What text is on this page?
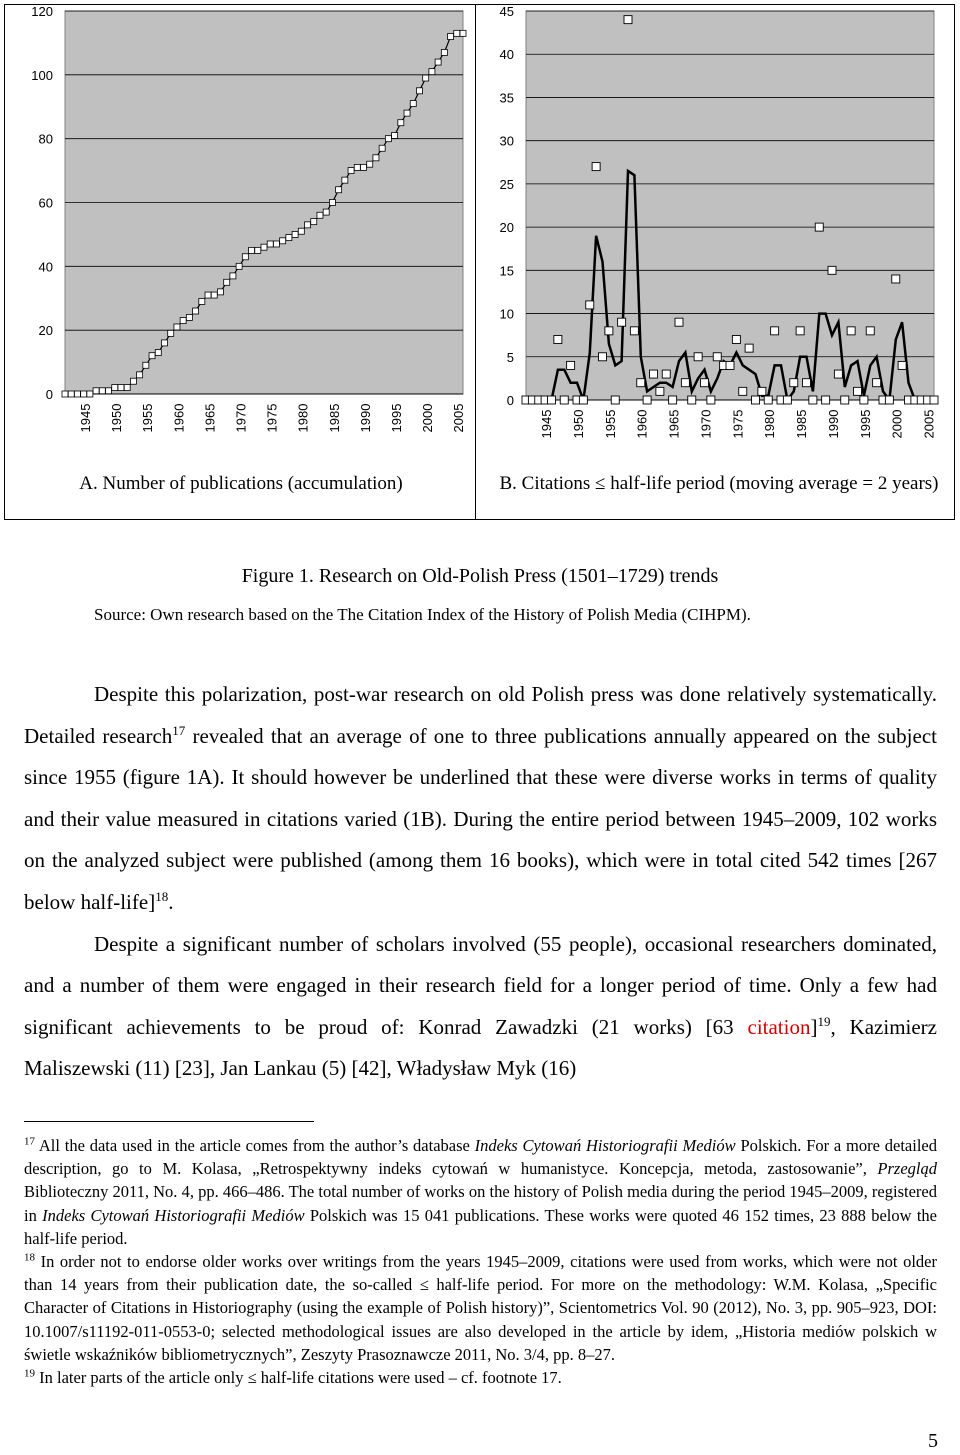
0
20
40
60
80
100
120
1945 1950 1955 1960 1965 1970 1975 1980 1985 1990 1995 2000 2005
A. Number of publications (accumulation)
0
5
10
15
20
25
30
35
40
45
1945 1950 1955 1960 1965 1970 1975 1980 1985 1990 1995 2000 2005
B. Citations ≤ half-life period (moving average = 2 years)
Figure 1. Research on Old-Polish Press (1501–1729) trends
Source: Own research based on the The Citation Index of the History of Polish Media (CIHPM).

Despite this polarization, post-war research on old Polish press was done relatively systematically. Detailed research$^{17}$ revealed that an average of one to three publications annually appeared on the subject since 1955 (figure 1A). It should however be underlined that these were diverse works in terms of quality and their value measured in citations varied (1B). During the entire period between 1945–2009, 102 works on the analyzed subject were published (among them 16 books), which were in total cited 542 times [267 below half-life]$^{18}$.

Despite a significant number of scholars involved (55 people), occasional researchers dominated, and a number of them were engaged in their research field for a longer period of time. Only a few had significant achievements to be proud of: Konrad Zawadzki (21 works) [63 citation]$^{19}$, Kazimierz Maliszewski (11) [23], Jan Lankau (5) [42], Władysław Myk (16)

$^{17}$ All the data used in the article comes from the author’s database Indeks Cytowań Historiografii Mediów Polskich. For a more detailed description, go to M. Kolasa, „Retrospektywny indeks cytowań w humanistyce. Koncepcja, metoda, zastosowanie”, Przegląd Biblioteczny 2011, No. 4, pp. 466–486. The total number of works on the history of Polish media during the period 1945–2009, registered in Indeks Cytowań Historiografii Mediów Polskich was 15 041 publications. These works were quoted 46 152 times, 23 888 below the half-life period.

$^{18}$ In order not to endorse older works over writings from the years 1945–2009, citations were used from works, which were not older than 14 years from their publication date, the so-called ≤ half-life period. For more on the methodology: W.M. Kolasa, „Specific Character of Citations in Historiography (using the example of Polish history)”, Scientometrics Vol. 90 (2012), No. 3, pp. 905–923, DOI: 10.1007/s11192-011-0553-0; selected methodological issues are also developed in the article by idem, „Historia mediów polskich w świetle wskaźników bibliometrycznych”, Zeszyty Prasoznawcze 2011, No. 3/4, pp. 8–27.

$^{19}$ In later parts of the article only ≤ half-life citations were used – cf. footnote 17.

5
